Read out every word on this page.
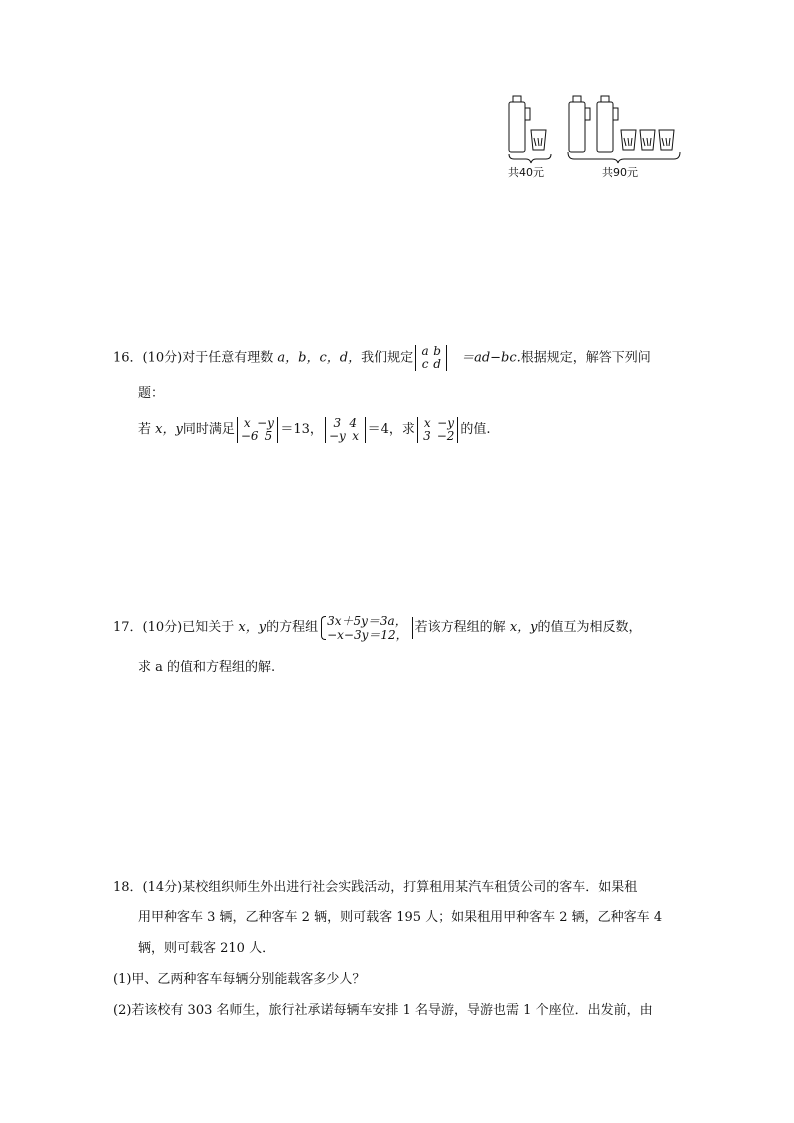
共40元	共90元
16．(10分)对于任意有理数 a，b，c，d，我们规定 a b
c d ＝ad−bc.根据规定，解答下列问
题：
若 x，y同时满足 x −y
−6 5 ＝13， 3 4
−y x ＝4，求 x −y
3 −2 的值.
17．(10分)已知关于 x，y的方程组 3x＋5y＝3a，
−x−3y＝12， 若该方程组的解 x，y的值互为相反数，
求 a 的值和方程组的解.
18．(14分)某校组织师生外出进行社会实践活动，打算租用某汽车租赁公司的客车．如果租
用甲种客车 3 辆，乙种客车 2 辆，则可载客 195 人；如果租用甲种客车 2 辆，乙种客车 4
辆，则可载客 210 人．
(1)甲、乙两种客车每辆分别能载客多少人？
(2)若该校有 303 名师生，旅行社承诺每辆车安排 1 名导游，导游也需 1 个座位．出发前，由
